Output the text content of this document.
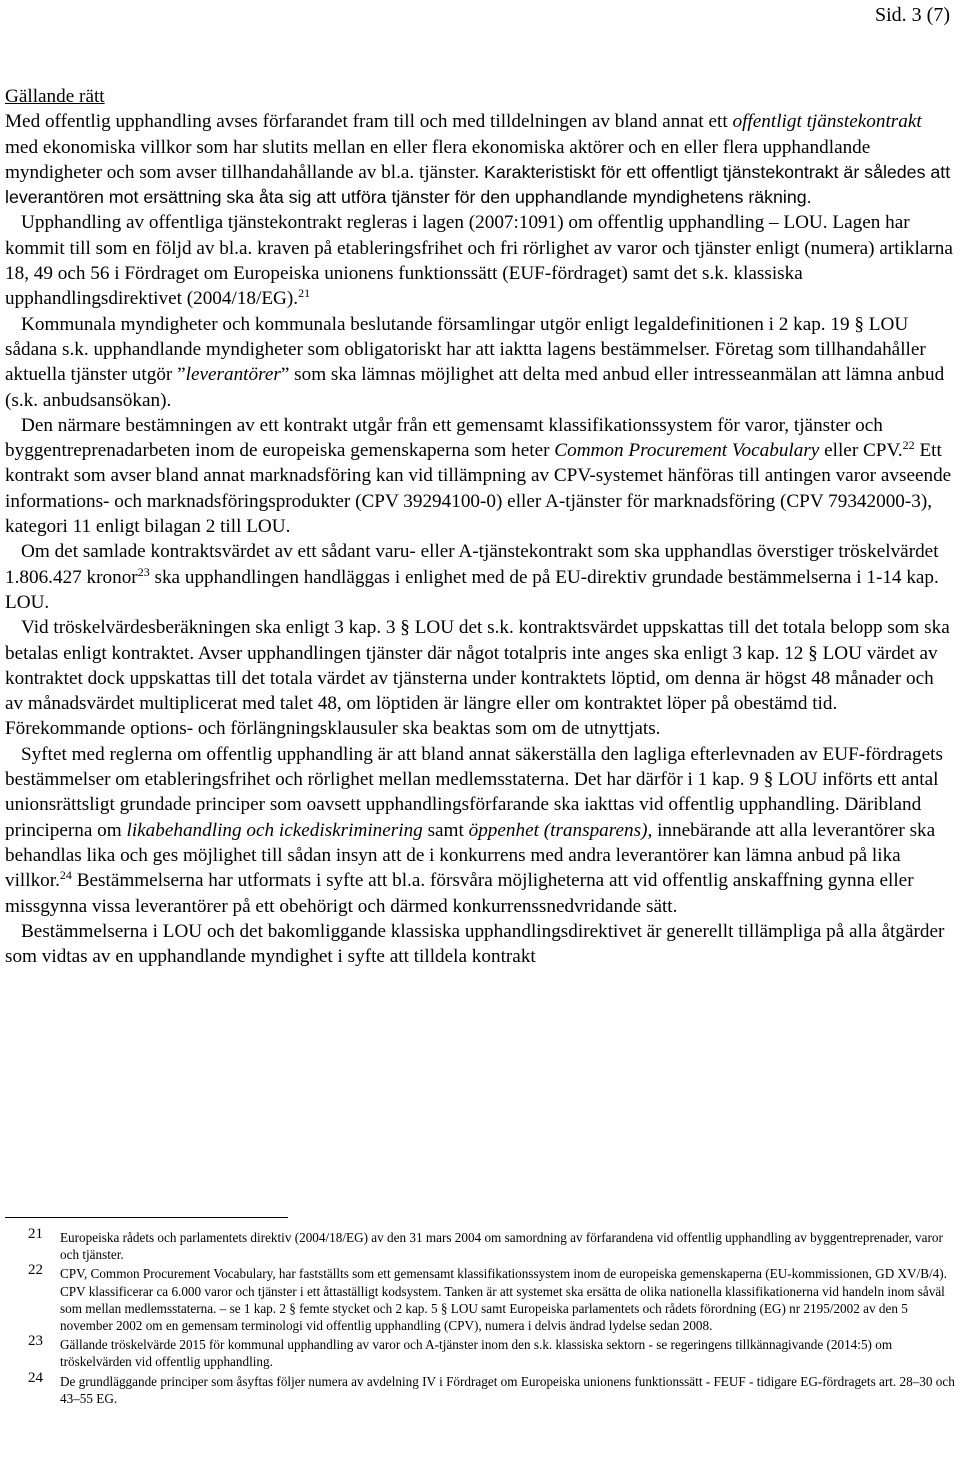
Sid. 3 (7)
Gällande rätt
Med offentlig upphandling avses förfarandet fram till och med tilldelningen av bland annat ett offentligt tjänstekontrakt med ekonomiska villkor som har slutits mellan en eller flera ekonomiska aktörer och en eller flera upphandlande myndigheter och som avser tillhandahållande av bl.a. tjänster. Karakteristiskt för ett offentligt tjänstekontrakt är således att leverantören mot ersättning ska åta sig att utföra tjänster för den upphandlande myndighetens räkning.
Upphandling av offentliga tjänstekontrakt regleras i lagen (2007:1091) om offentlig upphandling – LOU. Lagen har kommit till som en följd av bl.a. kraven på etableringsfrihet och fri rörlighet av varor och tjänster enligt (numera) artiklarna 18, 49 och 56 i Fördraget om Europeiska unionens funktionssätt (EUF-fördraget) samt det s.k. klassiska upphandlingsdirektivet (2004/18/EG).$^{21}$
Kommunala myndigheter och kommunala beslutande församlingar utgör enligt legaldefinitionen i 2 kap. 19 § LOU sådana s.k. upphandlande myndigheter som obligatoriskt har att iaktta lagens bestämmelser. Företag som tillhandahåller aktuella tjänster utgör ”leverantörer” som ska lämnas möjlighet att delta med anbud eller intresseanmälan att lämna anbud (s.k. anbudsansökan).
Den närmare bestämningen av ett kontrakt utgår från ett gemensamt klassifikationssystem för varor, tjänster och byggentreprenadarbeten inom de europeiska gemenskaperna som heter Common Procurement Vocabulary eller CPV.$^{22}$ Ett kontrakt som avser bland annat marknadsföring kan vid tillämpning av CPV-systemet hänföras till antingen varor avseende informations- och marknadsföringsprodukter (CPV 39294100-0) eller A-tjänster för marknadsföring (CPV 79342000-3), kategori 11 enligt bilagan 2 till LOU.
Om det samlade kontraktsvärdet av ett sådant varu- eller A-tjänstekontrakt som ska upphandlas överstiger tröskelvärdet 1.806.427 kronor$^{23}$ ska upphandlingen handläggas i enlighet med de på EU-direktiv grundade bestämmelserna i 1-14 kap. LOU.
Vid tröskelvärdesberäkningen ska enligt 3 kap. 3 § LOU det s.k. kontraktsvärdet uppskattas till det totala belopp som ska betalas enligt kontraktet. Avser upphandlingen tjänster där något totalpris inte anges ska enligt 3 kap. 12 § LOU värdet av kontraktet dock uppskattas till det totala värdet av tjänsterna under kontraktets löptid, om denna är högst 48 månader och av månadsvärdet multiplicerat med talet 48, om löptiden är längre eller om kontraktet löper på obestämd tid. Förekommande options- och förlängningsklausuler ska beaktas som om de utnyttjats.
Syftet med reglerna om offentlig upphandling är att bland annat säkerställa den lagliga efterlevnaden av EUF-fördragets bestämmelser om etableringsfrihet och rörlighet mellan medlemsstaterna. Det har därför i 1 kap. 9 § LOU införts ett antal unionsrättsligt grundade principer som oavsett upphandlingsförfarande ska iakttas vid offentlig upphandling. Däribland principerna om likabehandling och ickediskriminering samt öppenhet (transparens), innebärande att alla leverantörer ska behandlas lika och ges möjlighet till sådan insyn att de i konkurrens med andra leverantörer kan lämna anbud på lika villkor.$^{24}$ Bestämmelserna har utformats i syfte att bl.a. försvåra möjligheterna att vid offentlig anskaffning gynna eller missgynna vissa leverantörer på ett obehörigt och därmed konkurrenssnedvridande sätt.
Bestämmelserna i LOU och det bakomliggande klassiska upphandlingsdirektivet är generellt tillämpliga på alla åtgärder som vidtas av en upphandlande myndighet i syfte att tilldela kontrakt
21 Europeiska rådets och parlamentets direktiv (2004/18/EG) av den 31 mars 2004 om samordning av förfarandena vid offentlig upphandling av byggentreprenader, varor och tjänster.
22 CPV, Common Procurement Vocabulary, har fastställts som ett gemensamt klassifikationssystem inom de europeiska gemenskaperna (EU-kommissionen, GD XV/B/4). CPV klassificerar ca 6.000 varor och tjänster i ett åttaställigt kodsystem. Tanken är att systemet ska ersätta de olika nationella klassifikationerna vid handeln inom såväl som mellan medlemsstaterna. – se 1 kap. 2 § femte stycket och 2 kap. 5 § LOU samt Europeiska parlamentets och rådets förordning (EG) nr 2195/2002 av den 5 november 2002 om en gemensam terminologi vid offentlig upphandling (CPV), numera i delvis ändrad lydelse sedan 2008.
23 Gällande tröskelvärde 2015 för kommunal upphandling av varor och A-tjänster inom den s.k. klassiska sektorn - se regeringens tillkännagivande (2014:5) om tröskelvärden vid offentlig upphandling.
24 De grundläggande principer som åsyftas följer numera av avdelning IV i Fördraget om Europeiska unionens funktionssätt - FEUF - tidigare EG-fördragets art. 28–30 och 43–55 EG.
